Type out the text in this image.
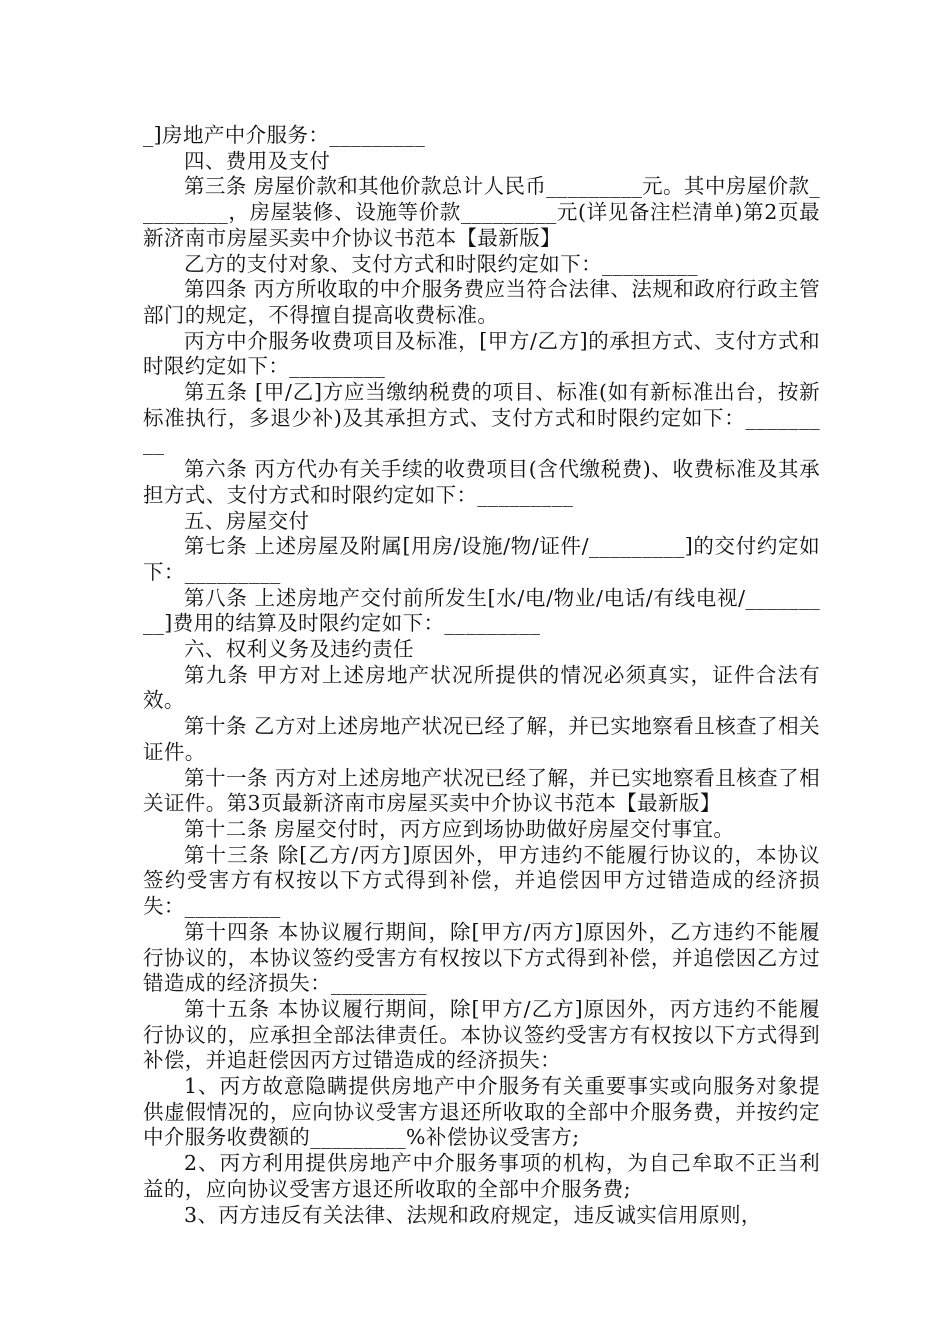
_]房地产中介服务：_________

四、费用及支付

第三条 房屋价款和其他价款总计人民币_________元。其中房屋价款_________，房屋装修、设施等价款_________元(详见备注栏清单)第2页最新济南市房屋买卖中介协议书范本【最新版】

乙方的支付对象、支付方式和时限约定如下：_________

第四条 丙方所收取的中介服务费应当符合法律、法规和政府行政主管部门的规定，不得擅自提高收费标准。

丙方中介服务收费项目及标准，[甲方/乙方]的承担方式、支付方式和时限约定如下：_________

第五条 [甲/乙]方应当缴纳税费的项目、标准(如有新标准出台，按新标准执行，多退少补)及其承担方式、支付方式和时限约定如下：_________

第六条 丙方代办有关手续的收费项目(含代缴税费)、收费标准及其承担方式、支付方式和时限约定如下：_________

五、房屋交付

第七条 上述房屋及附属[用房/设施/物/证件/_________]的交付约定如下：_________

第八条 上述房地产交付前所发生[水/电/物业/电话/有线电视/_________]费用的结算及时限约定如下：_________

六、权利义务及违约责任

第九条 甲方对上述房地产状况所提供的情况必须真实，证件合法有效。

第十条 乙方对上述房地产状况已经了解，并已实地察看且核查了相关证件。

第十一条 丙方对上述房地产状况已经了解，并已实地察看且核查了相关证件。第3页最新济南市房屋买卖中介协议书范本【最新版】

第十二条 房屋交付时，丙方应到场协助做好房屋交付事宜。

第十三条 除[乙方/丙方]原因外，甲方违约不能履行协议的，本协议签约受害方有权按以下方式得到补偿，并追偿因甲方过错造成的经济损失：_________

第十四条 本协议履行期间，除[甲方/丙方]原因外，乙方违约不能履行协议的，本协议签约受害方有权按以下方式得到补偿，并追偿因乙方过错造成的经济损失：_________

第十五条 本协议履行期间，除[甲方/乙方]原因外，丙方违约不能履行协议的，应承担全部法律责任。本协议签约受害方有权按以下方式得到补偿，并追赶偿因丙方过错造成的经济损失：

1、丙方故意隐瞒提供房地产中介服务有关重要事实或向服务对象提供虚假情况的，应向协议受害方退还所收取的全部中介服务费，并按约定中介服务收费额的_________%补偿协议受害方;

2、丙方利用提供房地产中介服务事项的机构，为自己牟取不正当利益的，应向协议受害方退还所收取的全部中介服务费;

3、丙方违反有关法律、法规和政府规定，违反诚实信用原则，
